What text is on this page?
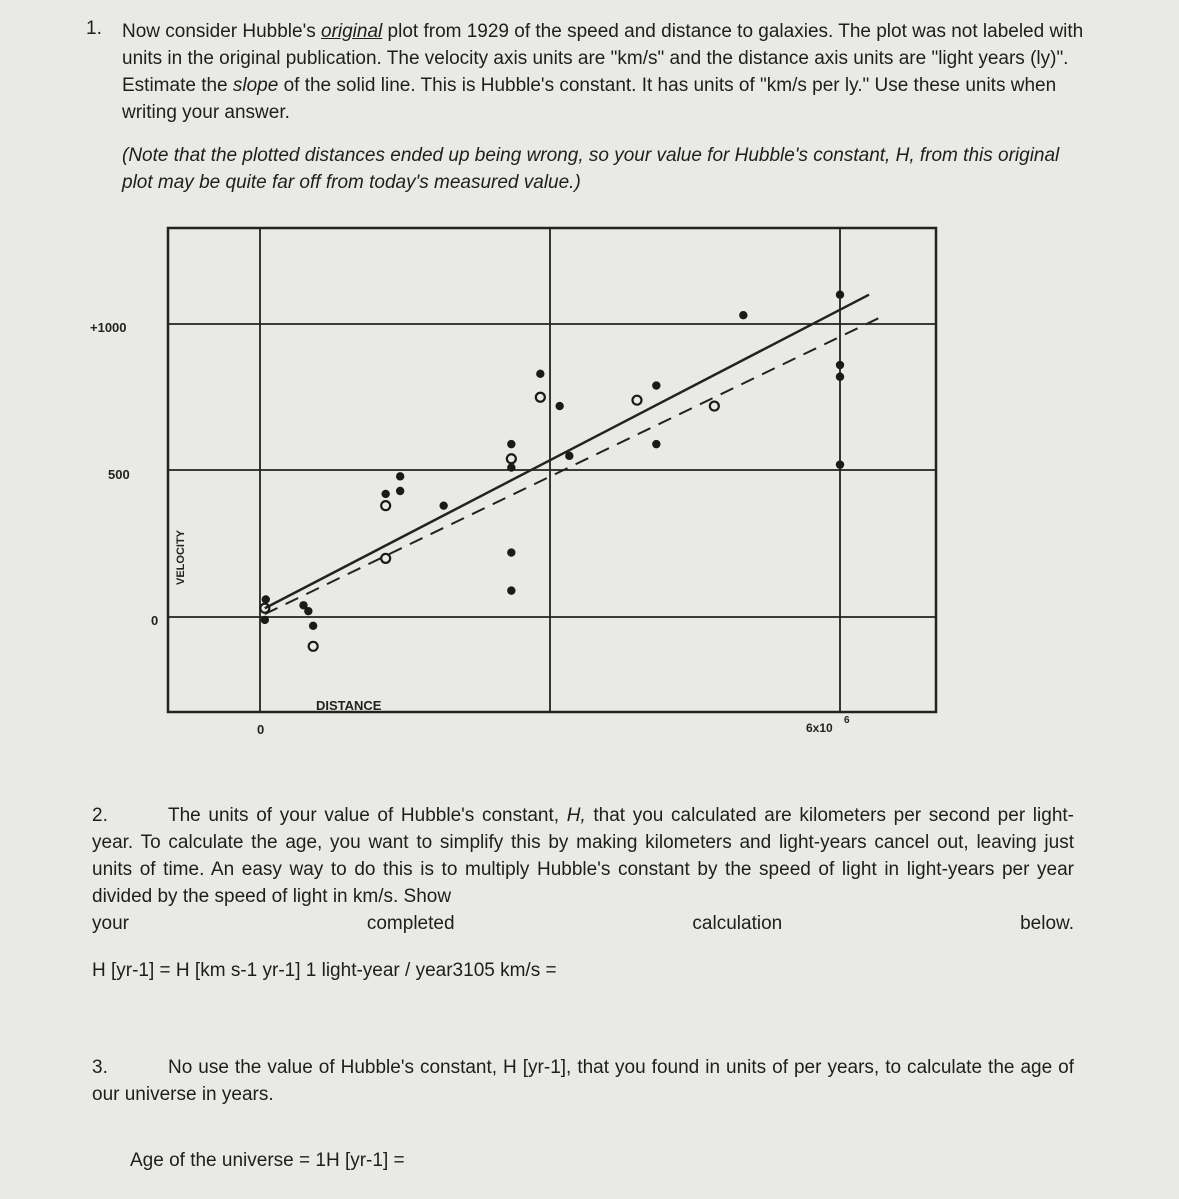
1. Now consider Hubble's original plot from 1929 of the speed and distance to galaxies. The plot was not labeled with units in the original publication. The velocity axis units are "km/s" and the distance axis units are "light years (ly)". Estimate the slope of the solid line. This is Hubble's constant. It has units of "km/s per ly." Use these units when writing your answer.
(Note that the plotted distances ended up being wrong, so your value for Hubble's constant, H, from this original plot may be quite far off from today's measured value.)
+1000
500
0
0	6x10
6
DISTANCE
VELOCITY
2.	The units of your value of Hubble's constant, H, that you calculated are kilometers per second per light-year. To calculate the age, you want to simplify this by making kilometers and light-years cancel out, leaving just units of time. An easy way to do this is to multiply Hubble's constant by the speed of light in light-years per year divided by the speed of light in km/s. Show
your	completed	calculation	below.
H [yr-1] = H [km s-1 yr-1] 1 light-year / year3105 km/s =
3.	No use the value of Hubble's constant, H [yr-1], that you found in units of per years, to calculate the age of our universe in years.
Age of the universe = 1H [yr-1] =
